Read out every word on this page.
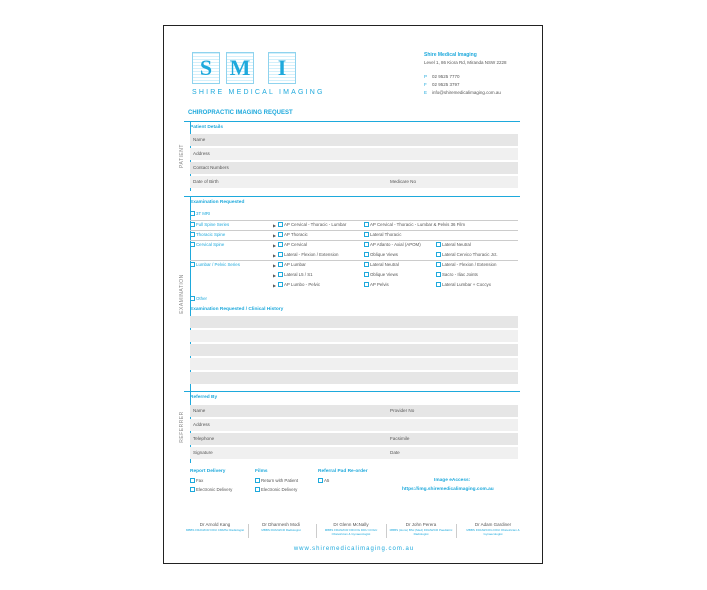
S M	I
SHIRE MEDICAL IMAGING
Shire Medical Imaging
Level 1, 86 Kiora Rd, Miranda NSW 2228
P 02 9525 7770
F 02 9525 3797
E info@shiremedicalimaging.com.au
CHIROPRACTIC IMAGING REQUEST
PATIENT
Patient Details
Name
Address
Contact Numbers
Date of Birth	Medicare No
EXAMINATION
Examination Requested
3T MRI
Full Spine Series	▶	AP Cervical - Thoracic - Lumbar	AP Cervical - Thoracic - Lumbar & Pelvis 36 Film
Thoracic Spine	▶	AP Thoracic	Lateral Thoracic
Cervical Spine	▶	AP Cervical	AP Atlanto - Axial (APOM)	Lateral Neutral
▶	Lateral - Flexion / Extension	Oblique Views	Lateral Cervico Thoracic Jct.
Lumbar / Pelvic Series	▶	AP Lumbar	Lateral Neutral	Lateral - Flexion / Extension
▶	Lateral L5 / S1	Oblique Views	Sacro - Iliac Joints
▶	AP Lumbo - Pelvic	AP Pelvis	Lateral Lumbar + Coccyx
Other
Examination Requested / Clinical History
REFERRER
Referred By
Name	Provider No
Address
Telephone	Facsimile
Signature	Date
Report Delivery
Fax
Electronic Delivery
Films
Return with Patient
Electronic Delivery
Referral Pad Re-order
A5	Image eAccess:
https://img.shiremedicalimaging.com.au
Dr Arnold Kang
MBBS FRANZCR DDU CMMSc Radiologist
Dr Dharmesh Modi
MBBS FRANZCR Radiologist
Dr Glenn McNally
MBBS FRANZCR FRCOG DDU COGU Obstetrician & Gynaecologist
Dr John Perera
MBBS (Hons) BSc (Med) FRANZCR Paediatric Radiologist
Dr Adam Gardiner
MBBS FRANZCOG DDU Obstetrician & Gynaecologist
www.shiremedicalimaging.com.au
